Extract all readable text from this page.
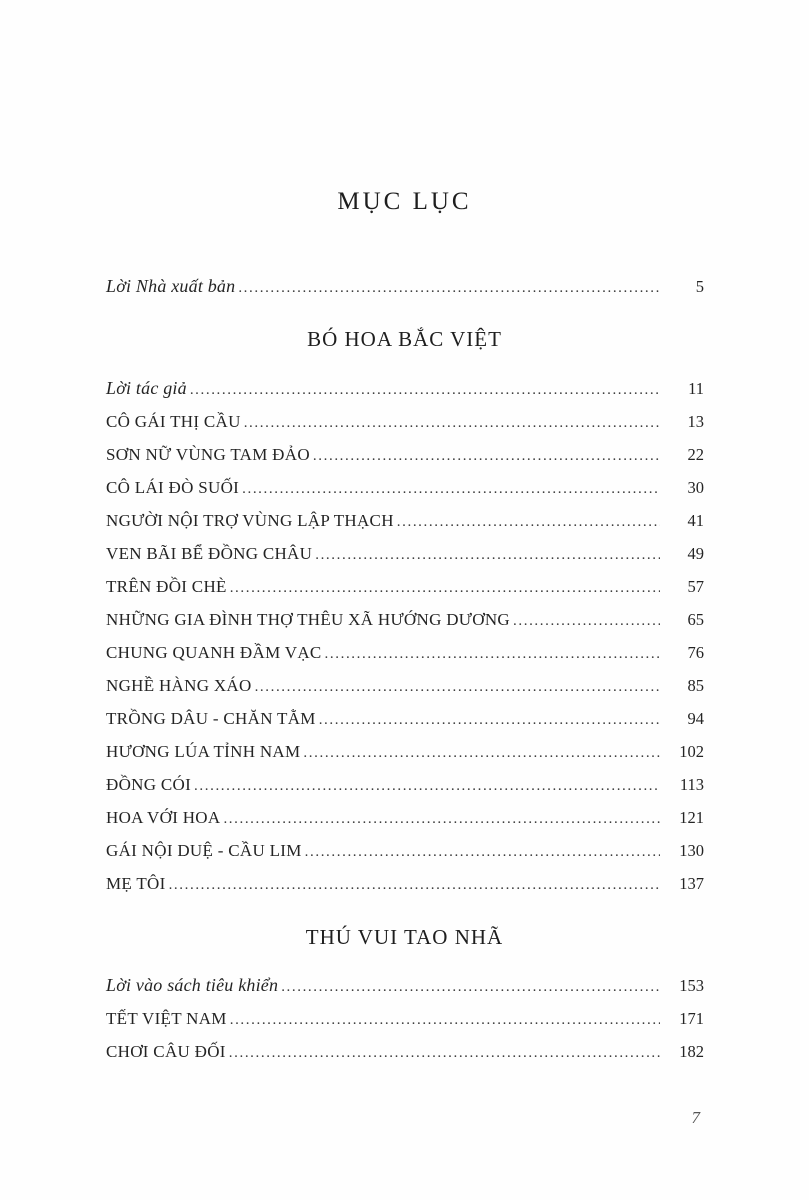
MỤC LỤC
Lời Nhà xuất bản .....	5
BÓ HOA BẮC VIỆT
Lời tác giả .....	11
CÔ GÁI THỊ CẦU .....	13
SƠN NỮ VÙNG TAM ĐẢO .....	22
CÔ LÁI ĐÒ SUỐI .....	30
NGƯỜI NỘI TRỢ VÙNG LẬP THẠCH .....	41
VEN BÃI BỂ ĐỒNG CHÂU .....	49
TRÊN ĐỒI CHÈ .....	57
NHỮNG GIA ĐÌNH THỢ THÊU XÃ HƯỚNG DƯƠNG .....	65
CHUNG QUANH ĐẦM VẠC .....	76
NGHỀ HÀNG XÁO .....	85
TRỒNG DÂU - CHĂN TẰM .....	94
HƯƠNG LÚA TỈNH NAM .....	102
ĐỒNG CÓI .....	113
HOA VỚI HOA .....	121
GÁI NỘI DUỆ - CẦU LIM .....	130
MẸ TÔI .....	137
THÚ VUI TAO NHÃ
Lời vào sách tiêu khiển .....	153
TẾT VIỆT NAM .....	171
CHƠI CÂU ĐỐI .....	182
7
